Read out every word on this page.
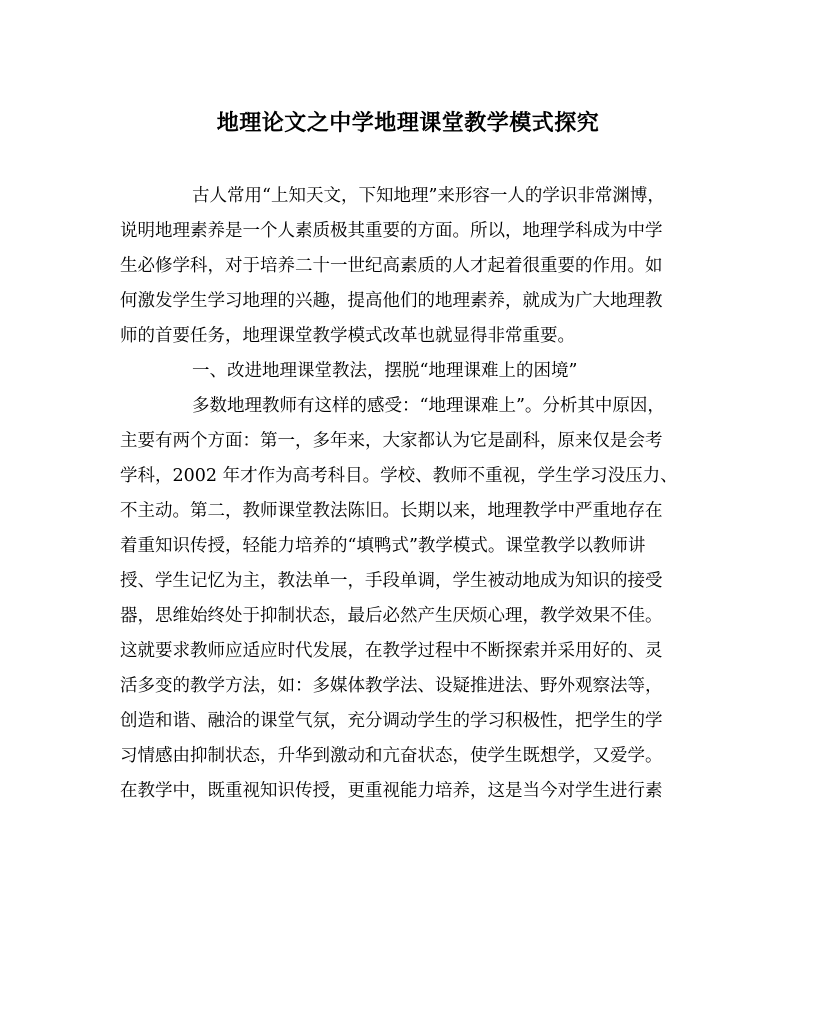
地理论文之中学地理课堂教学模式探究
古人常用“上知天文，下知地理”来形容一人的学识非常渊博，
说明地理素养是一个人素质极其重要的方面。所以，地理学科成为中学
生必修学科，对于培养二十一世纪高素质的人才起着很重要的作用。如
何激发学生学习地理的兴趣，提高他们的地理素养，就成为广大地理教
师的首要任务，地理课堂教学模式改革也就显得非常重要。
一、改进地理课堂教法，摆脱“地理课难上的困境”
多数地理教师有这样的感受：“地理课难上”。分析其中原因，
主要有两个方面：第一，多年来，大家都认为它是副科，原来仅是会考
学科，2002 年才作为高考科目。学校、教师不重视，学生学习没压力、
不主动。第二，教师课堂教法陈旧。长期以来，地理教学中严重地存在
着重知识传授，轻能力培养的“填鸭式”教学模式。课堂教学以教师讲
授、学生记忆为主，教法单一，手段单调，学生被动地成为知识的接受
器，思维始终处于抑制状态，最后必然产生厌烦心理，教学效果不佳。
这就要求教师应适应时代发展，在教学过程中不断探索并采用好的、灵
活多变的教学方法，如：多媒体教学法、设疑推进法、野外观察法等，
创造和谐、融洽的课堂气氛，充分调动学生的学习积极性，把学生的学
习情感由抑制状态，升华到激动和亢奋状态，使学生既想学，又爱学。
在教学中，既重视知识传授，更重视能力培养，这是当今对学生进行素
